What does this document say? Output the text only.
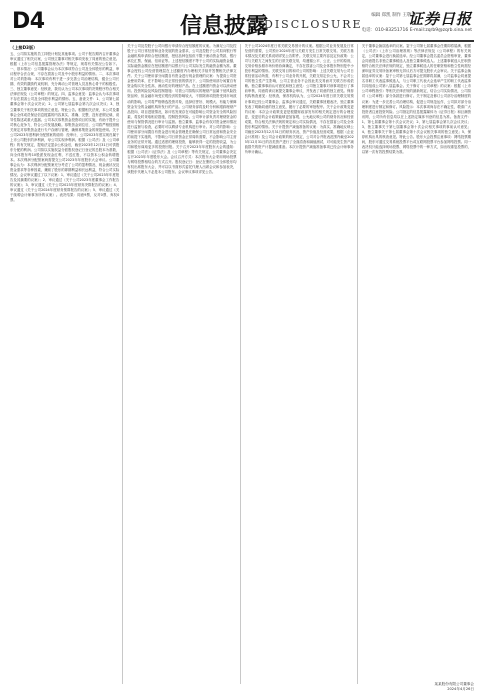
D4	信息披露
DISCLOSURE
编辑 郑凯 制作 王敬涛
证券日报
电话：010-83251716 E-mail:zqrb9@zqrb.sina.net
（上接D3版）
五、公司拟实施的员工持股计划及其他事项。公司于报告期内召开董事会审议通过了相关议案，公司独立董事对相关事项发表了同意的独立意见。根据《上市公司信息披露管理办法》等规定，现将有关情况公告如下。一、基本情况：公司董事会认为本次事项符合公司及全体股东的利益，审议程序合法合规，不存在损害公司及中小股东利益的情形。二、本次事项对公司的影响：本次事项有利于进一步完善公司治理结构，健全公司长期、有效的激励约束机制，充分调动公司管理人员及核心骨干的积极性。三、独立董事意见：经核查，我们认为公司本次事项的决策程序符合相关法律法规及《公司章程》的规定。四、监事会意见：监事会认为本次事项不存在损害公司及全体股东利益的情形。五、备查文件：1、公司第七届董事会第十次会议决议；2、公司第七届监事会第九次会议决议；3、独立董事关于相关事项的独立意见。特此公告。根据相关法规，本公司及董事会全体成员保证信息披露的内容真实、准确、完整，没有虚假记载、误导性陈述或重大遗漏。公司本次募集资金投资项目的实施，有助于提升公司核心竞争力，符合公司发展战略。募集资金到位后，公司将严格按照相关规定对募集资金进行专户存储与管理，确保募集资金的规范使用。关于公司2023年度利润分配预案的说明：经审计，公司2023年度实现归属于上市公司股东的净利润，母公司实现净利润。根据《公司法》及《公司章程》的有关规定，提取法定盈余公积金后，截至2023年12月31日可供股东分配的利润。公司拟以实施权益分派股权登记日登记的总股本为基数，向全体股东每10股派发现金红利，不送红股，不以资本公积金转增股本。本次利润分配预案尚需提交公司2023年年度股东大会审议。公司董事会认为：本次利润分配预案充分考虑了公司的盈利情况、现金流状况及资金需求等各种因素，兼顾了股东的即期利益和长远利益，符合公司实际情况。会议审议通过了以下议案：1、审议通过《关于公司2023年年度报告及其摘要的议案》；2、审议通过《关于公司2023年度董事会工作报告的议案》；3、审议通过《关于公司2023年度财务决算报告的议案》；4、审议通过《关于公司2024年度财务预算报告的议案》；5、审议通过《关于续聘会计师事务所的议案》。表决结果：同意9票，反对0票，弃权0票。
关于公司及控股子公司向银行申请综合授信额度的议案。为满足公司及控股子公司日常经营和业务发展的资金需求，公司及控股子公司拟向银行等金融机构申请综合授信额度，授信品种包括但不限于流动资金贷款、银行承兑汇票、保函、信用证等。上述授信额度不等于公司的实际融资金额，实际融资金额应在授信额度内以银行与公司实际发生的融资金额为准。董事会授权公司经营管理层在上述额度内办理相关手续并签署相关法律文件。关于公司使用部分闲置自有资金进行现金管理的议案：为提高公司资金使用效率，在不影响公司正常经营的情况下，公司拟使用部分闲置自有资金购买安全性高、流动性好的理财产品。在上述额度内资金可以滚动使用。投资风险及风险控制措施：尽管公司拟购买的理财产品属于低风险投资品种，但金融市场受宏观经济的影响较大，不排除该项投资受到市场波动的影响。公司将严格筛选投资对象，选择信誉好、规模大、有能力保障资金安全的金融机构所发行的产品。公司财务部将及时分析和跟踪理财产品投向、项目进展情况，如评估发现存在可能影响公司资金安全的风险因素，将及时采取相应措施，控制投资风险。公司审计部负责对理财资金的使用与保管情况进行审计与监督。独立董事、监事会有权对资金使用情况进行监督与检查，必要时可以聘请专业机构进行审计。对公司的影响：公司使用部分闲置自有资金进行现金管理是在确保公司日常运营和资金安全的前提下实施的，不影响公司日常资金正常周转需要，不会影响公司主营业务的正常开展。通过适度的理财投资，能够获得一定的投资收益，为公司和股东谋取更多的投资回报。关于召开2023年年度股东大会的通知：根据《公司法》《证券法》及《公司章程》等有关规定，公司董事会决定召开2023年年度股东大会。会议召开方式：本次股东大会采用现场投票与网络投票相结合的方式召开。股权登记日：登记在册的公司全体股东均有权出席股东大会，并可以以书面形式委托代理人出席会议和参加表决，该股东代理人不必是本公司股东。会议审议事项详见公告。
关于公司2024年度日常关联交易预计的议案。根据公司业务发展及日常经营的需要，公司预计2024年度与关联方发生日常关联交易。关联方基本情况及关联关系说明详见公告附件。关联交易主要内容及定价政策：公司与关联方之间发生的日常关联交易，均遵循公平、公正、公开的原则，交易价格参照市场价格协商确定，不存在损害公司及全体股东特别是中小股东利益的情形。关联交易目的和对公司的影响：上述关联交易为公司日常经营活动所需，有利于公司业务的开展，关联交易定价公允，不会对公司的独立性产生影响，公司主营业务不会因此类交易而对关联方形成依赖。独立董事事前认可意见和独立意见：公司独立董事对该事项进行了事前审核，同意将该议案提交董事会审议，并发表了同意的独立意见。保荐机构核查意见：经核查，保荐机构认为，公司2024年度日常关联交易预计事项已经公司董事会、监事会审议通过，关联董事回避表决，独立董事发表了明确同意的独立意见，履行了必要的审批程序。关于会计政策变更的议案：本次会计政策变更是根据财政部发布的相关规定进行的合理变更，变更后的会计政策能够更加客观、公允地反映公司的财务状况和经营成果，符合相关法律法规的规定和公司实际情况，不存在损害公司及全体股东利益的情形。关于计提资产减值准备的议案：为真实、准确地反映公司截至2023年12月31日的财务状况、资产价值及经营成果，根据《企业会计准则》及公司会计政策的相关规定，公司对合并报表范围内截至2023年12月31日的各类资产进行了全面清查和减值测试，对可能发生资产减值损失的资产计提减值准备。本次计提资产减值准备事项已经会计师事务所审计确认。
关于董事会换届选举的议案。鉴于公司第七届董事会任期即将届满，根据《公司法》《上市公司治理准则》等法律法规及《公司章程》的有关规定，公司董事会进行换届选举。经公司董事会提名委员会资格审查，董事会同意提名非独立董事候选人及独立董事候选人。上述董事候选人任职资格符合相关法律法规的规定，独立董事候选人的任职资格和独立性尚需经深圳证券交易所备案审核无异议后方可提交股东大会审议。关于监事会换届选举的议案：鉴于公司第七届监事会任期即将届满，公司监事会同意提名非职工代表监事候选人，与公司职工代表大会选举产生的职工代表监事共同组成公司第八届监事会。关于修订《公司章程》的议案：根据《上市公司章程指引》等相关法律法规的最新规定，结合公司实际情况，公司拟对《公司章程》部分条款进行修订。关于制定及修订公司部分治理制度的议案：为进一步完善公司治理结构，促进公司规范运作，公司拟对部分治理制度进行制定和修订。风险提示：本次事项尚存在不确定性，敬请广大投资者注意投资风险。公司指定的信息披露媒体为《证券日报》和巨潮资讯网，公司所有信息均以在上述指定媒体刊登的信息为准。备查文件：1、第七届董事会第十次会议决议；2、第七届监事会第九次会议决议；3、独立董事关于第七届董事会第十次会议相关事项的事前认可意见；4、独立董事关于第七届董事会第十次会议相关事项的独立意见；5、保荐机构出具的核查意见。特此公告。股东大会投票注意事项：网络投票期间，股东可通过交易系统投票平台或互联网投票平台参加网络投票。同一表决权只能选择现场投票、网络投票中的一种方式，如出现重复投票的，以第一次有效投票结果为准。
某某股份有限公司董事会
2024年4月26日
